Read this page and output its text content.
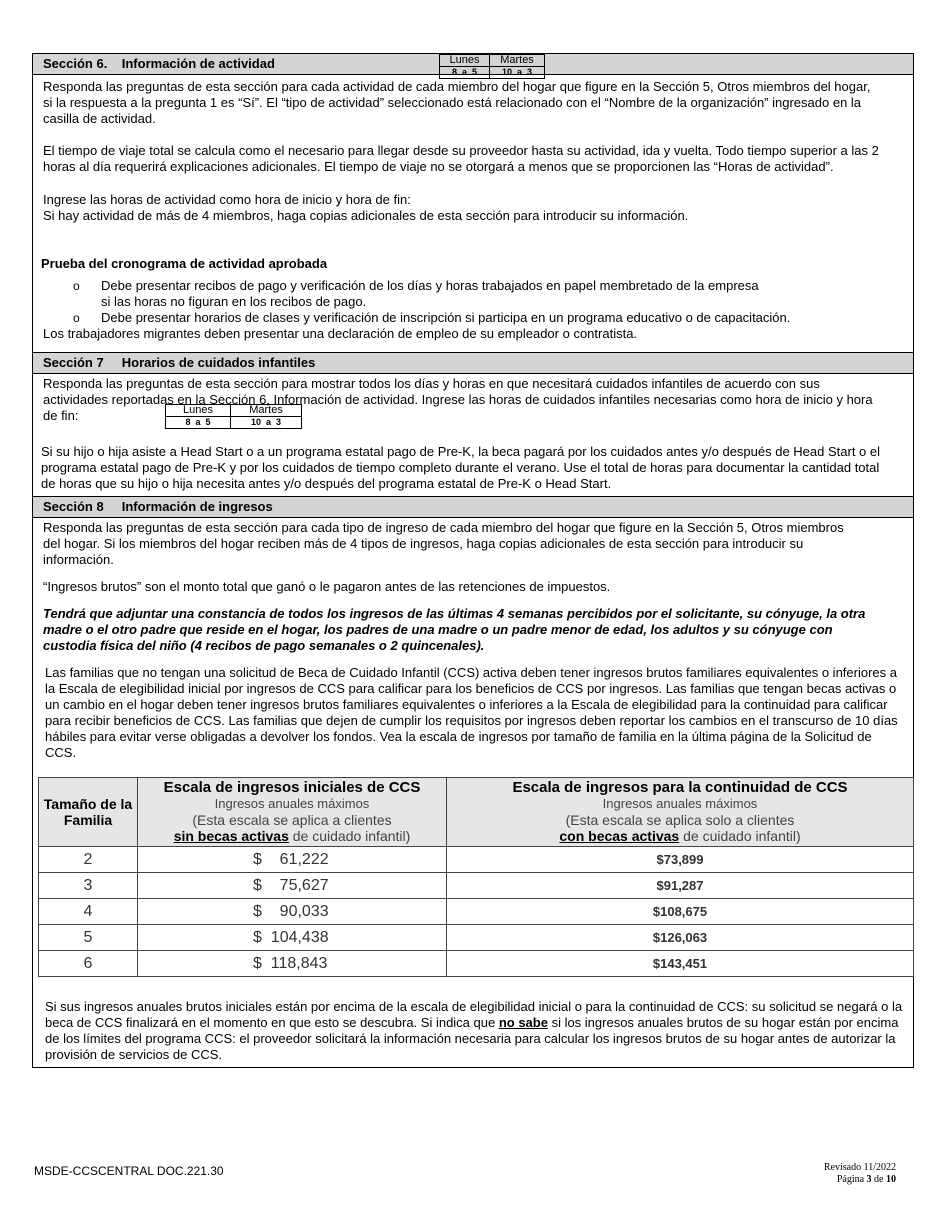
Sección 6.    Información de actividad

Responda las preguntas de esta sección para cada actividad de cada miembro del hogar que figure en la Sección 5, Otros miembros del hogar, si la respuesta a la pregunta 1 es “Sí”. El “tipo de actividad” seleccionado está relacionado con el “Nombre de la organización” ingresado en la casilla de actividad.

El tiempo de viaje total se calcula como el necesario para llegar desde su proveedor hasta su actividad, ida y vuelta. Todo tiempo superior a las 2 horas al día requerirá explicaciones adicionales. El tiempo de viaje no se otorgará a menos que se proporcionen las “Horas de actividad”.

Ingrese las horas de actividad como hora de inicio y hora de fin:

Lunes	Martes
8  a  5	10  a  3

Si hay actividad de más de 4 miembros, haga copias adicionales de esta sección para introducir su información.

Prueba del cronograma de actividad aprobada

o Debe presentar recibos de pago y verificación de los días y horas trabajados en papel membretado de la empresa si las horas no figuran en los recibos de pago.
o Debe presentar horarios de clases y verificación de inscripción si participa en un programa educativo o de capacitación.

Los trabajadores migrantes deben presentar una declaración de empleo de su empleador o contratista.

Sección 7     Horarios de cuidados infantiles

Responda las preguntas de esta sección para mostrar todos los días y horas en que necesitará cuidados infantiles de acuerdo con sus actividades reportadas en la Sección 6, Información de actividad. Ingrese las horas de cuidados infantiles necesarias como hora de inicio y hora de fin:	Lunes	Martes
8  a  5	10  a  3

Si su hijo o hija asiste a Head Start o a un programa estatal pago de Pre-K, la beca pagará por los cuidados antes y/o después de Head Start o el programa estatal pago de Pre-K y por los cuidados de tiempo completo durante el verano. Use el total de horas para documentar la cantidad total de horas que su hijo o hija necesita antes y/o después del programa estatal de Pre-K o Head Start.

Sección 8     Información de ingresos

Responda las preguntas de esta sección para cada tipo de ingreso de cada miembro del hogar que figure en la Sección 5, Otros miembros del hogar. Si los miembros del hogar reciben más de 4 tipos de ingresos, haga copias adicionales de esta sección para introducir su información.

“Ingresos brutos” son el monto total que ganó o le pagaron antes de las retenciones de impuestos.

Tendrá que adjuntar una constancia de todos los ingresos de las últimas 4 semanas percibidos por el solicitante, su cónyuge, la otra madre o el otro padre que reside en el hogar, los padres de una madre o un padre menor de edad, los adultos y su cónyuge con custodia física del niño (4 recibos de pago semanales o 2 quincenales).

Las familias que no tengan una solicitud de Beca de Cuidado Infantil (CCS) activa deben tener ingresos brutos familiares equivalentes o inferiores a la Escala de elegibilidad inicial por ingresos de CCS para calificar para los beneficios de CCS por ingresos. Las familias que tengan becas activas o un cambio en el hogar deben tener ingresos brutos familiares equivalentes o inferiores a la Escala de elegibilidad para la continuidad para calificar para recibir beneficios de CCS. Las familias que dejen de cumplir los requisitos por ingresos deben reportar los cambios en el transcurso de 10 días hábiles para evitar verse obligadas a devolver los fondos. Vea la escala de ingresos por tamaño de familia en la última página de la Solicitud de CCS.

Tamaño de la Familia	Escala de ingresos iniciales de CCS
Ingresos anuales máximos
(Esta escala se aplica a clientes
sin becas activas de cuidado infantil)	Escala de ingresos para la continuidad de CCS
Ingresos anuales máximos
(Esta escala se aplica solo a clientes
con becas activas de cuidado infantil)

2	$    61,222	$73,899
3	$    75,627	$91,287
4	$    90,033	$108,675
5	$  104,438	$126,063
6	$  118,843	$143,451

Si sus ingresos anuales brutos iniciales están por encima de la escala de elegibilidad inicial o para la continuidad de CCS: su solicitud se negará o la beca de CCS finalizará en el momento en que esto se descubra. Si indica que no sabe si los ingresos anuales brutos de su hogar están por encima de los límites del programa CCS: el proveedor solicitará la información necesaria para calcular los ingresos brutos de su hogar antes de autorizar la provisión de servicios de CCS.

MSDE-CCSCENTRAL DOC.221.30	Revisado 11/2022
Página 3 de 10
